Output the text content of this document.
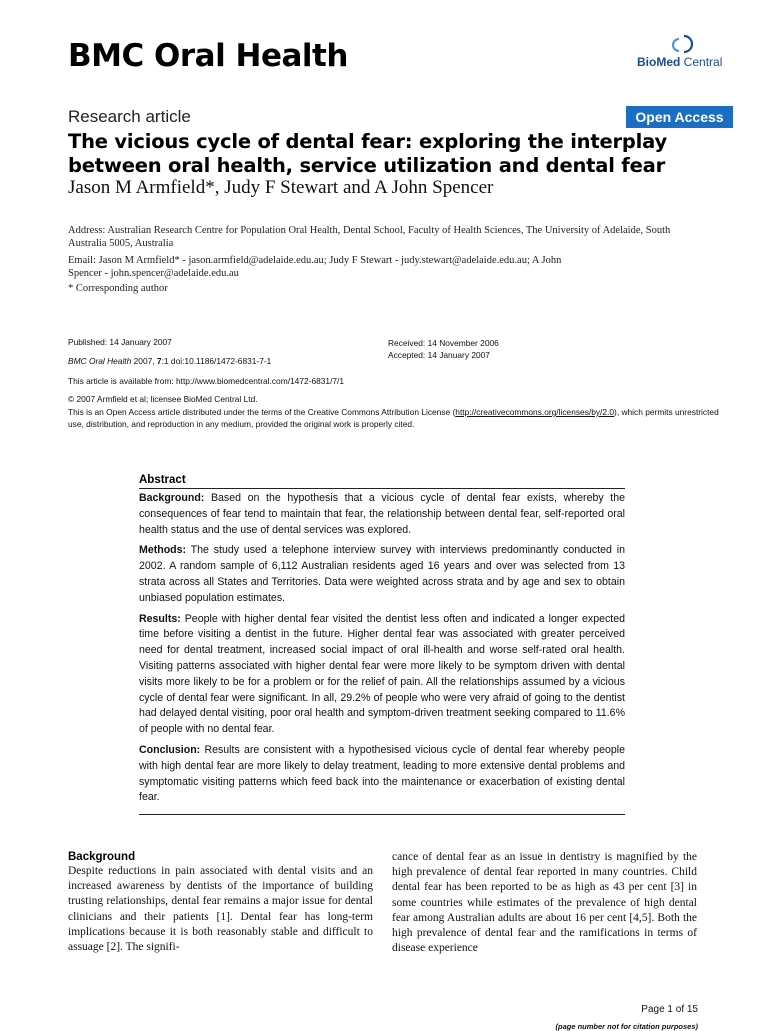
BMC Oral Health	BioMed Central
Research article	Open Access
The vicious cycle of dental fear: exploring the interplay between oral health, service utilization and dental fear
Jason M Armfield*, Judy F Stewart and A John Spencer
Address: Australian Research Centre for Population Oral Health, Dental School, Faculty of Health Sciences, The University of Adelaide, South Australia 5005, Australia
Email: Jason M Armfield* - jason.armfield@adelaide.edu.au; Judy F Stewart - judy.stewart@adelaide.edu.au; A John Spencer - john.spencer@adelaide.edu.au
* Corresponding author
Published: 14 January 2007
BMC Oral Health 2007, 7:1 doi:10.1186/1472-6831-7-1
Received: 14 November 2006
Accepted: 14 January 2007
This article is available from: http://www.biomedcentral.com/1472-6831/7/1
© 2007 Armfield et al; licensee BioMed Central Ltd.
This is an Open Access article distributed under the terms of the Creative Commons Attribution License (http://creativecommons.org/licenses/by/2.0), which permits unrestricted use, distribution, and reproduction in any medium, provided the original work is properly cited.
Abstract

Background: Based on the hypothesis that a vicious cycle of dental fear exists, whereby the consequences of fear tend to maintain that fear, the relationship between dental fear, self-reported oral health status and the use of dental services was explored.

Methods: The study used a telephone interview survey with interviews predominantly conducted in 2002. A random sample of 6,112 Australian residents aged 16 years and over was selected from 13 strata across all States and Territories. Data were weighted across strata and by age and sex to obtain unbiased population estimates.

Results: People with higher dental fear visited the dentist less often and indicated a longer expected time before visiting a dentist in the future. Higher dental fear was associated with greater perceived need for dental treatment, increased social impact of oral ill-health and worse self-rated oral health. Visiting patterns associated with higher dental fear were more likely to be symptom driven with dental visits more likely to be for a problem or for the relief of pain. All the relationships assumed by a vicious cycle of dental fear were significant. In all, 29.2% of people who were very afraid of going to the dentist had delayed dental visiting, poor oral health and symptom-driven treatment seeking compared to 11.6% of people with no dental fear.

Conclusion: Results are consistent with a hypothesised vicious cycle of dental fear whereby people with high dental fear are more likely to delay treatment, leading to more extensive dental problems and symptomatic visiting patterns which feed back into the maintenance or exacerbation of existing dental fear.

Background
Despite reductions in pain associated with dental visits and an increased awareness by dentists of the importance of building trusting relationships, dental fear remains a major issue for dental clinicians and their patients [1]. Dental fear has long-term implications because it is both reasonably stable and difficult to assuage [2]. The signifi-
cance of dental fear as an issue in dentistry is magnified by the high prevalence of dental fear reported in many countries. Child dental fear has been reported to be as high as 43 per cent [3] in some countries while estimates of the prevalence of high dental fear among Australian adults are about 16 per cent [4,5]. Both the high prevalence of dental fear and the ramifications in terms of disease experience
Page 1 of 15
(page number not for citation purposes)
